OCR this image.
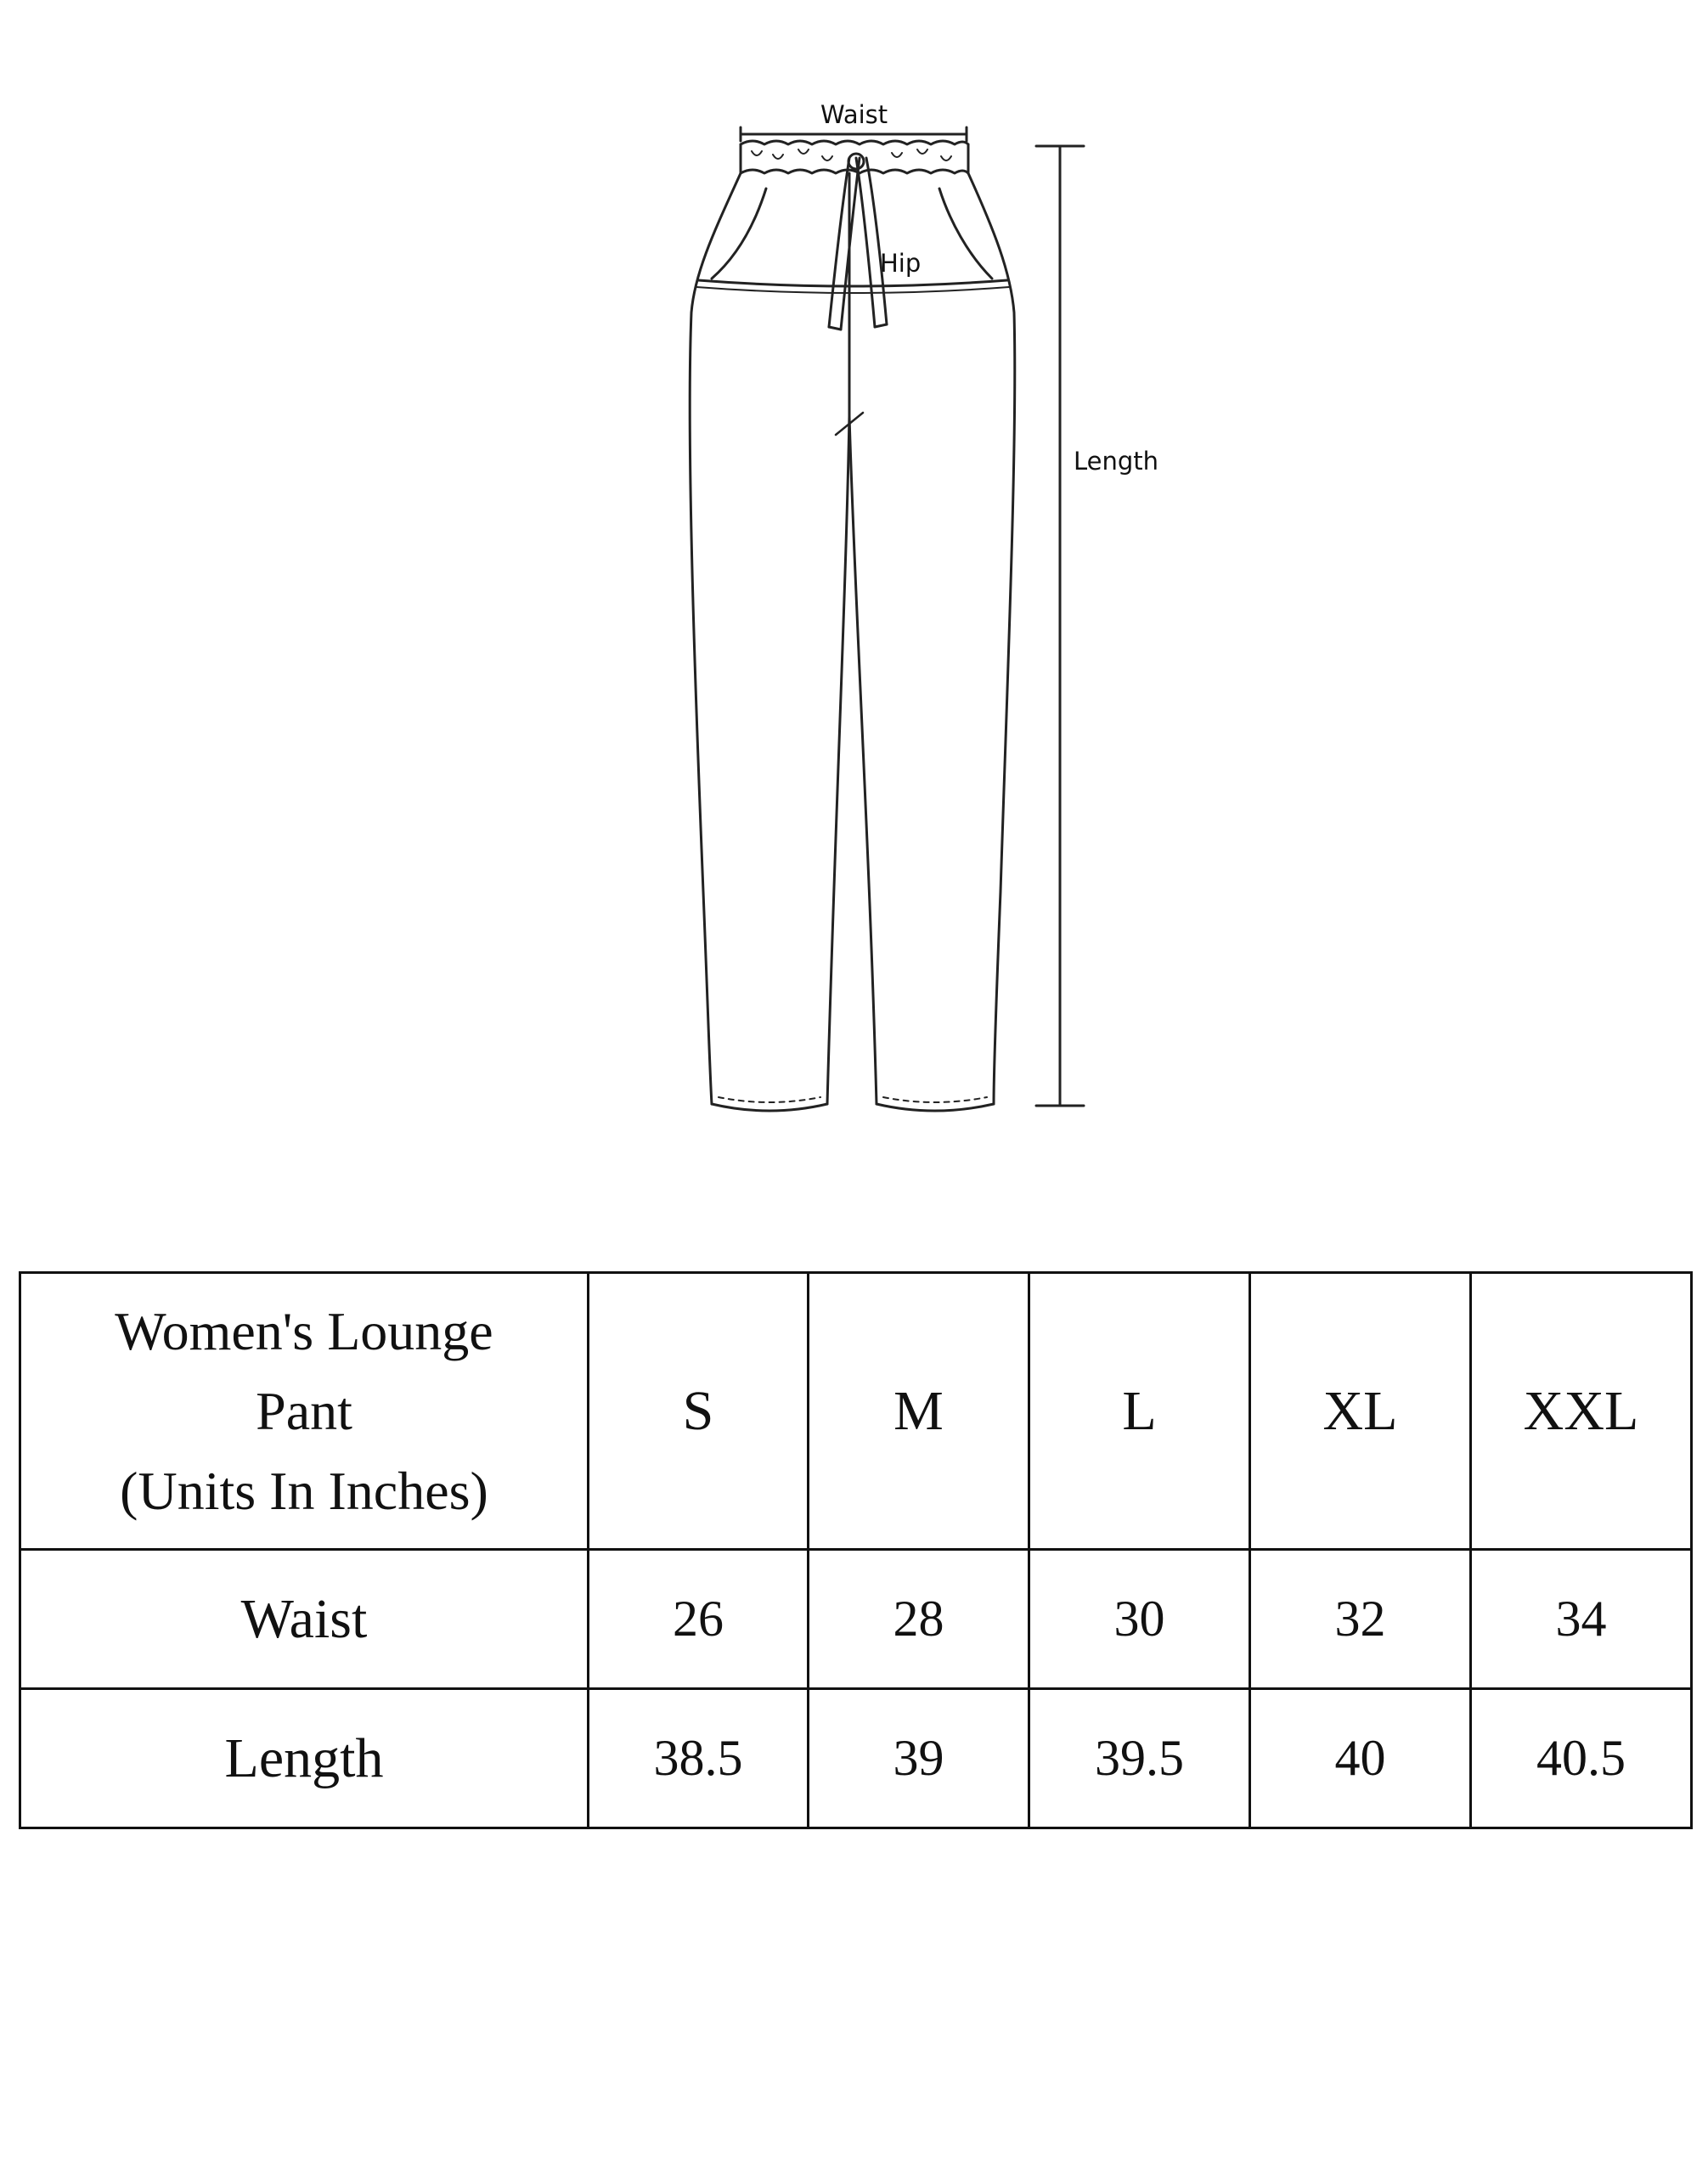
Waist
Hip
Length
Women's Lounge
Pant
(Units In Inches)	S	M	L	XL	XXL
Waist	26	28	30	32	34
Length	38.5	39	39.5	40	40.5
